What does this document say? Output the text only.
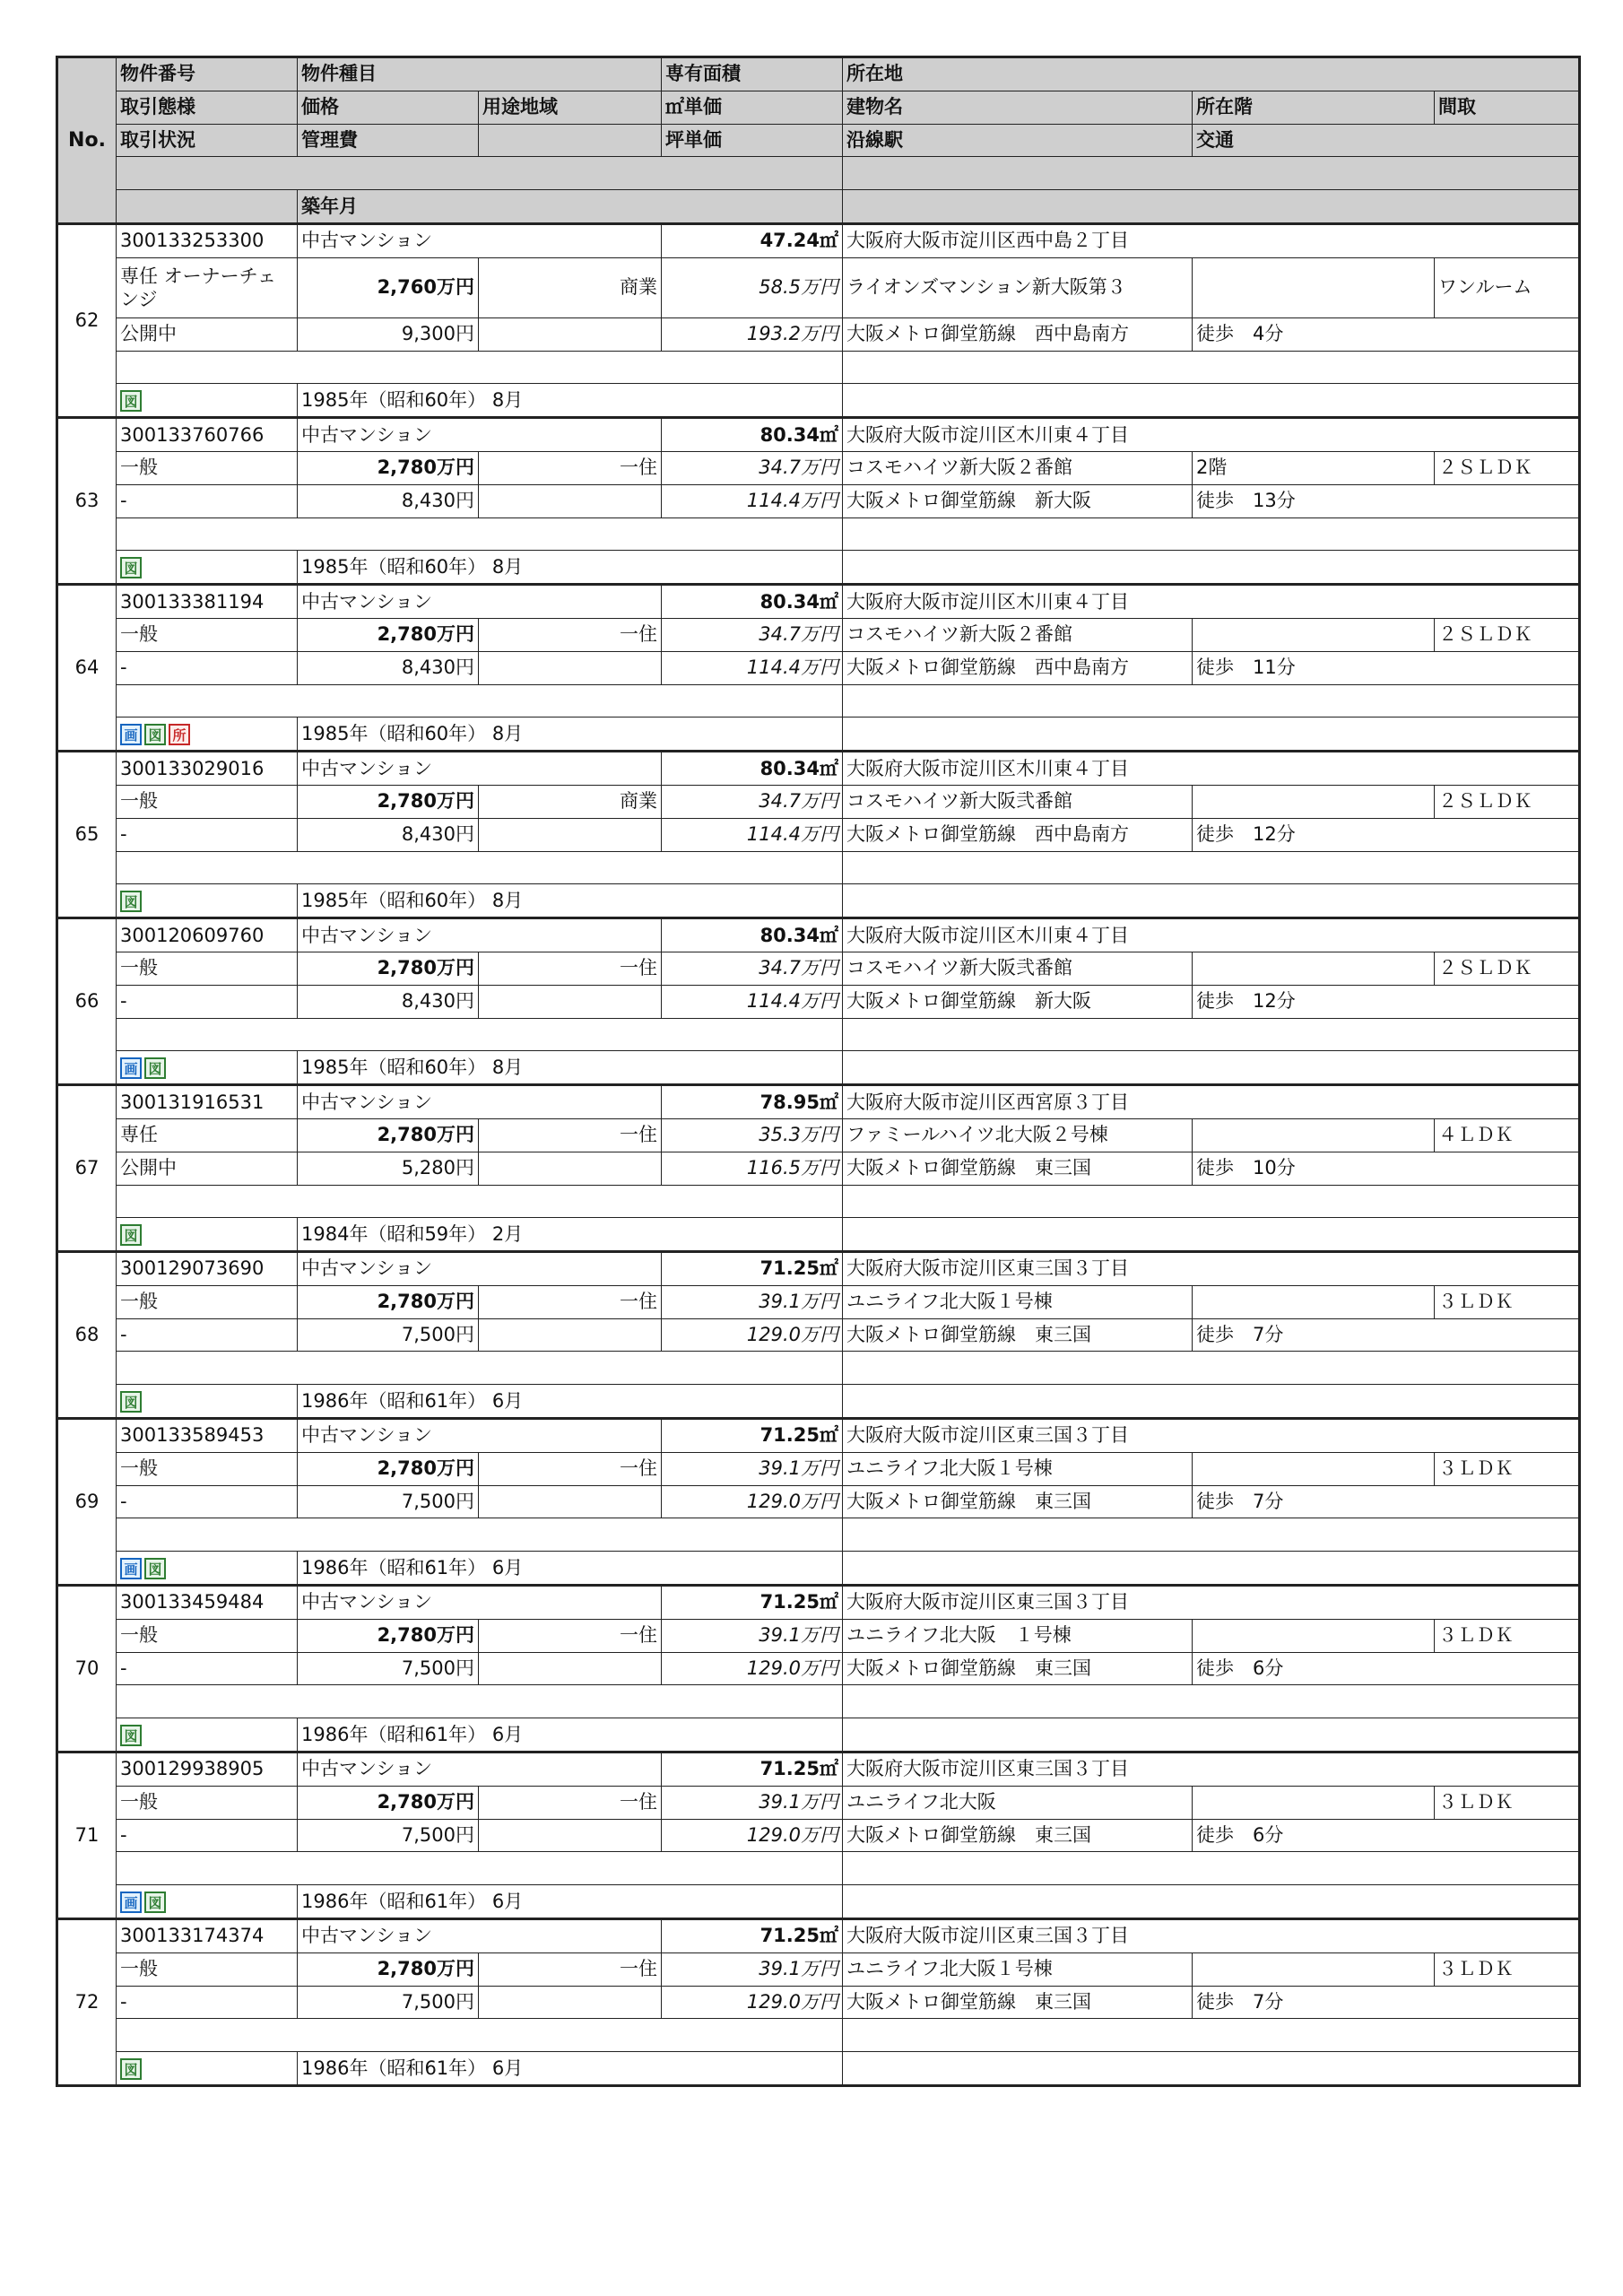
No.	物件番号	物件種目		専有面積	所在地		
	取引態様	価格	用途地域	㎡単価	建物名	所在階	間取
	取引状況	管理費		坪単価	沿線駅	交通	

		築年月					
62	300133253300	中古マンション		47.24㎡	大阪府大阪市淀川区西中島２丁目		
	専任 オーナーチェンジ	2,760万円	商業	58.5万円	ライオンズマンション新大阪第３		ワンルーム
	公開中	9,300円		193.2万円	大阪メトロ御堂筋線　西中島南方	徒歩　4分	

	図	1985年（昭和60年） 8月					
63	300133760766	中古マンション		80.34㎡	大阪府大阪市淀川区木川東４丁目		
	一般	2,780万円	一住	34.7万円	コスモハイツ新大阪２番館	2階	２ＳＬＤＫ
	-	8,430円		114.4万円	大阪メトロ御堂筋線　新大阪	徒歩　13分	

	図	1985年（昭和60年） 8月					
64	300133381194	中古マンション		80.34㎡	大阪府大阪市淀川区木川東４丁目		
	一般	2,780万円	一住	34.7万円	コスモハイツ新大阪２番館		２ＳＬＤＫ
	-	8,430円		114.4万円	大阪メトロ御堂筋線　西中島南方	徒歩　11分	

	画 図 所	1985年（昭和60年） 8月					
65	300133029016	中古マンション		80.34㎡	大阪府大阪市淀川区木川東４丁目		
	一般	2,780万円	商業	34.7万円	コスモハイツ新大阪弐番館		２ＳＬＤＫ
	-	8,430円		114.4万円	大阪メトロ御堂筋線　西中島南方	徒歩　12分	

	図	1985年（昭和60年） 8月					
66	300120609760	中古マンション		80.34㎡	大阪府大阪市淀川区木川東４丁目		
	一般	2,780万円	一住	34.7万円	コスモハイツ新大阪弐番館		２ＳＬＤＫ
	-	8,430円		114.4万円	大阪メトロ御堂筋線　新大阪	徒歩　12分	

	画 図	1985年（昭和60年） 8月					
67	300131916531	中古マンション		78.95㎡	大阪府大阪市淀川区西宮原３丁目		
	専任	2,780万円	一住	35.3万円	ファミールハイツ北大阪２号棟		４ＬＤＫ
	公開中	5,280円		116.5万円	大阪メトロ御堂筋線　東三国	徒歩　10分	

	図	1984年（昭和59年） 2月					
68	300129073690	中古マンション		71.25㎡	大阪府大阪市淀川区東三国３丁目		
	一般	2,780万円	一住	39.1万円	ユニライフ北大阪１号棟		３ＬＤＫ
	-	7,500円		129.0万円	大阪メトロ御堂筋線　東三国	徒歩　7分	

	図	1986年（昭和61年） 6月					
69	300133589453	中古マンション		71.25㎡	大阪府大阪市淀川区東三国３丁目		
	一般	2,780万円	一住	39.1万円	ユニライフ北大阪１号棟		３ＬＤＫ
	-	7,500円		129.0万円	大阪メトロ御堂筋線　東三国	徒歩　7分	

	画 図	1986年（昭和61年） 6月					
70	300133459484	中古マンション		71.25㎡	大阪府大阪市淀川区東三国３丁目		
	一般	2,780万円	一住	39.1万円	ユニライフ北大阪　１号棟		３ＬＤＫ
	-	7,500円		129.0万円	大阪メトロ御堂筋線　東三国	徒歩　6分	

	図	1986年（昭和61年） 6月					
71	300129938905	中古マンション		71.25㎡	大阪府大阪市淀川区東三国３丁目		
	一般	2,780万円	一住	39.1万円	ユニライフ北大阪		３ＬＤＫ
	-	7,500円		129.0万円	大阪メトロ御堂筋線　東三国	徒歩　6分	

	画 図	1986年（昭和61年） 6月					
72	300133174374	中古マンション		71.25㎡	大阪府大阪市淀川区東三国３丁目		
	一般	2,780万円	一住	39.1万円	ユニライフ北大阪１号棟		３ＬＤＫ
	-	7,500円		129.0万円	大阪メトロ御堂筋線　東三国	徒歩　7分	

	図	1986年（昭和61年） 6月					
